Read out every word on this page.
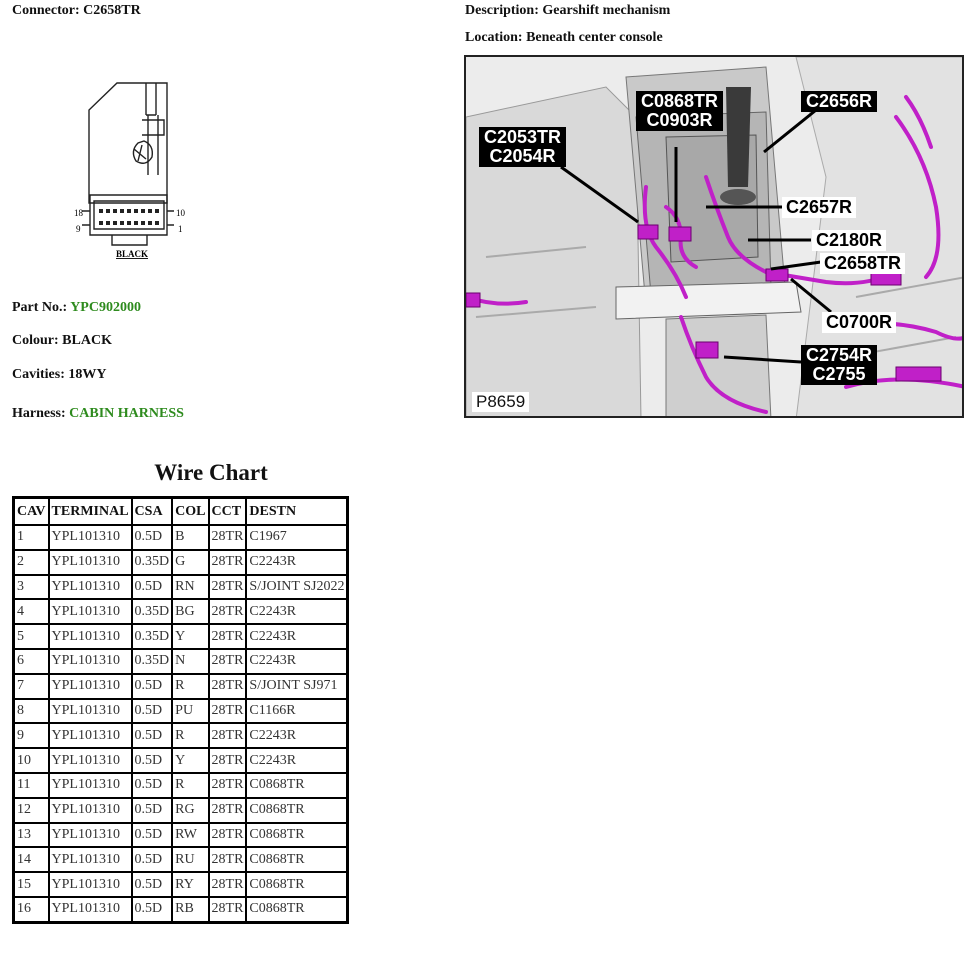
Connector: C2658TR	Description: Gearshift mechanism
Location: Beneath center console
18	10
9	1
BLACK
Part No.: YPC902000
Colour: BLACK
Cavities: 18WY
Harness: CABIN HARNESS
Wire Chart
CAV	TERMINAL	CSA	COL	CCT	DESTN
1	YPL101310	0.5D	B	28TR	C1967
2	YPL101310	0.35D	G	28TR	C2243R
3	YPL101310	0.5D	RN	28TR	S/JOINT SJ2022
4	YPL101310	0.35D	BG	28TR	C2243R
5	YPL101310	0.35D	Y	28TR	C2243R
6	YPL101310	0.35D	N	28TR	C2243R
7	YPL101310	0.5D	R	28TR	S/JOINT SJ971
8	YPL101310	0.5D	PU	28TR	C1166R
9	YPL101310	0.5D	R	28TR	C2243R
10	YPL101310	0.5D	Y	28TR	C2243R
11	YPL101310	0.5D	R	28TR	C0868TR
12	YPL101310	0.5D	RG	28TR	C0868TR
13	YPL101310	0.5D	RW	28TR	C0868TR
14	YPL101310	0.5D	RU	28TR	C0868TR
15	YPL101310	0.5D	RY	28TR	C0868TR
16	YPL101310	0.5D	RB	28TR	C0868TR
C0868TR
C0903R
C2656R
C2053TR
C2054R
C2657R
C2180R
C2658TR
C0700R
C2754R
C2755
P8659
